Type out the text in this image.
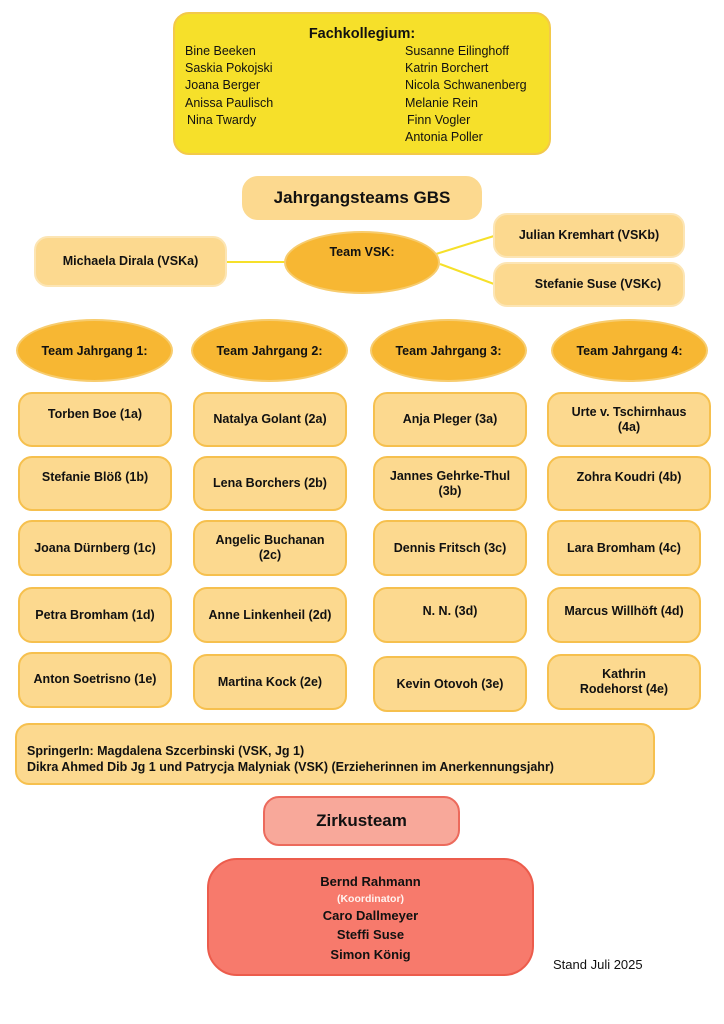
Fachkollegium:
Bine Beeken
Saskia Pokojski
Joana Berger
Anissa Paulisch
Nina Twardy
Susanne Eilinghoff
Katrin Borchert
Nicola Schwanenberg
Melanie Rein
Finn Vogler
Antonia Poller
Jahrgangsteams GBS
Michaela Dirala (VSKa)
Team VSK:
Julian Kremhart (VSKb)
Stefanie Suse (VSKc)
Team Jahrgang 1:	Team Jahrgang 2:	Team Jahrgang 3:	Team Jahrgang 4:
Torben Boe (1a)
Stefanie Blöß (1b)
Joana Dürnberg (1c)
Petra Bromham (1d)
Anton Soetrisno (1e)
Natalya Golant (2a)
Lena Borchers (2b)
Angelic Buchanan
(2c)
Anne Linkenheil (2d)
Martina Kock (2e)
Anja Pleger (3a)
Jannes Gehrke-Thul
(3b)
Dennis Fritsch (3c)
N. N. (3d)
Kevin Otovoh (3e)
Urte v. Tschirnhaus
(4a)
Zohra Koudri (4b)
Lara Bromham (4c)
Marcus Willhöft (4d)
Kathrin
Rodehorst (4e)
SpringerIn: Magdalena Szcerbinski (VSK, Jg 1)
Dikra Ahmed Dib Jg 1 und Patrycja Malyniak (VSK) (Erzieherinnen im Anerkennungsjahr)
Zirkusteam
Bernd Rahmann
(Koordinator)
Caro Dallmeyer
Steffi Suse
Simon König
Stand Juli 2025
